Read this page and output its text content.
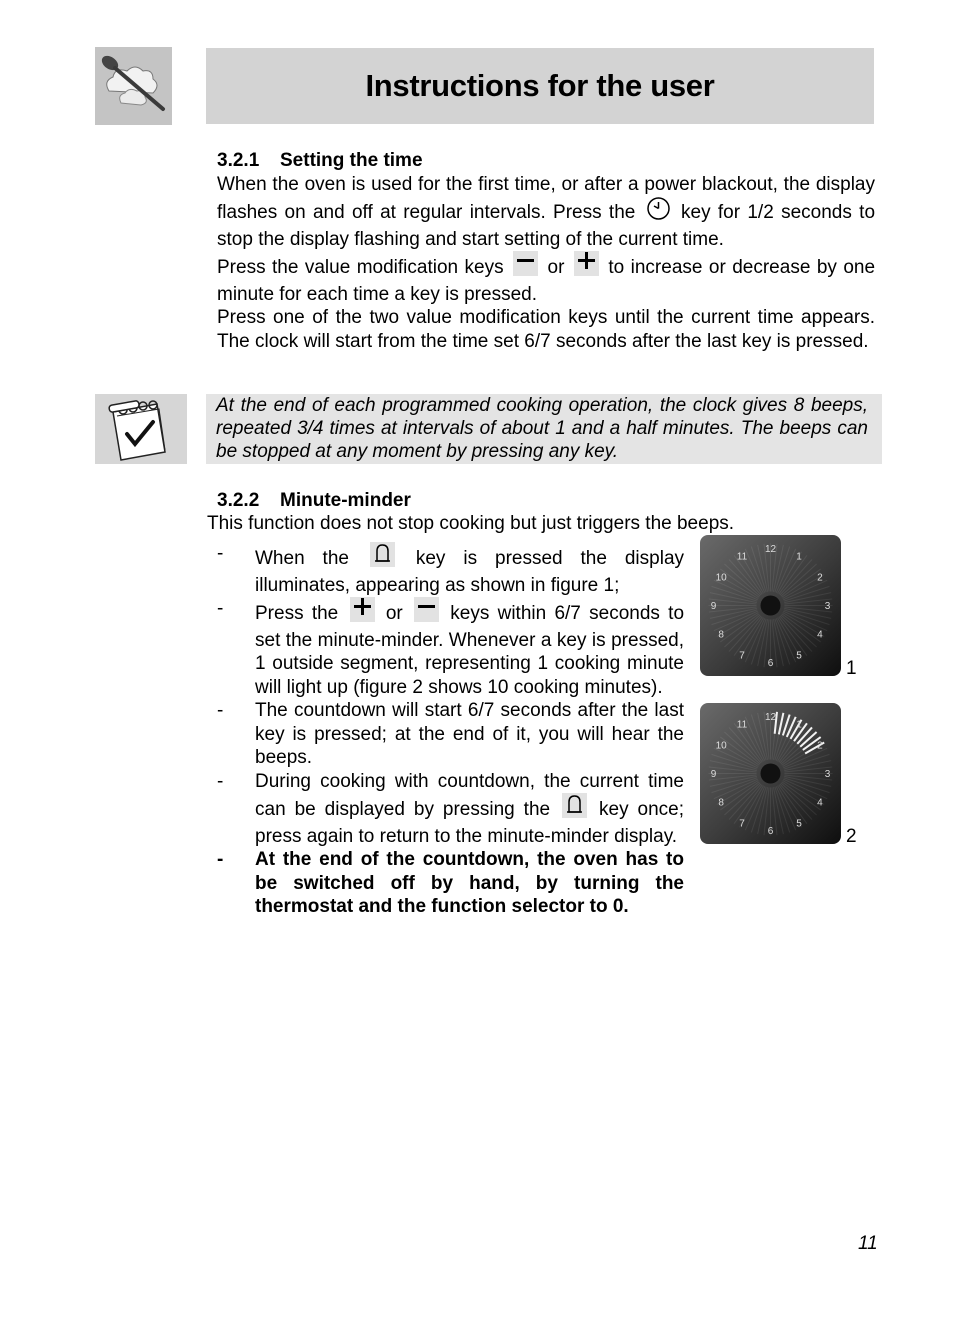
Instructions for the user

3.2.1 Setting the time

When the oven is used for the first time, or after a power blackout, the display flashes on and off at regular intervals. Press the key for 1/2 seconds to stop the display flashing and start setting of the current time.

Press the value modification keys or to increase or decrease by one minute for each time a key is pressed.

Press one of the two value modification keys until the current time appears. The clock will start from the time set 6/7 seconds after the last key is pressed.

At the end of each programmed cooking operation, the clock gives 8 beeps, repeated 3/4 times at intervals of about 1 and a half minutes. The beeps can be stopped at any moment by pressing any key.

3.2.2 Minute-minder

This function does not stop cooking but just triggers the beeps.

- When the	key is pressed the display illuminates, appearing as shown in figure 1;
- Press the	or	keys within 6/7 seconds to set the minute-minder. Whenever a key is pressed, 1 outside segment, representing 1 cooking minute will light up (figure 2 shows 10 cooking minutes).
- The countdown will start 6/7 seconds after the last key is pressed; at the end of it, you will hear the beeps.
- During cooking with countdown, the current time can be displayed by pressing the	key once; press again to return to the minute-minder display.
- At the end of the countdown, the oven has to be switched off by hand, by turning the thermostat and the function selector to 0.
12
1
2
3
4
5
6
7
8
9
10
11
1
12
1
2
3
4
5
6
7
8
9
10
11
2
11
